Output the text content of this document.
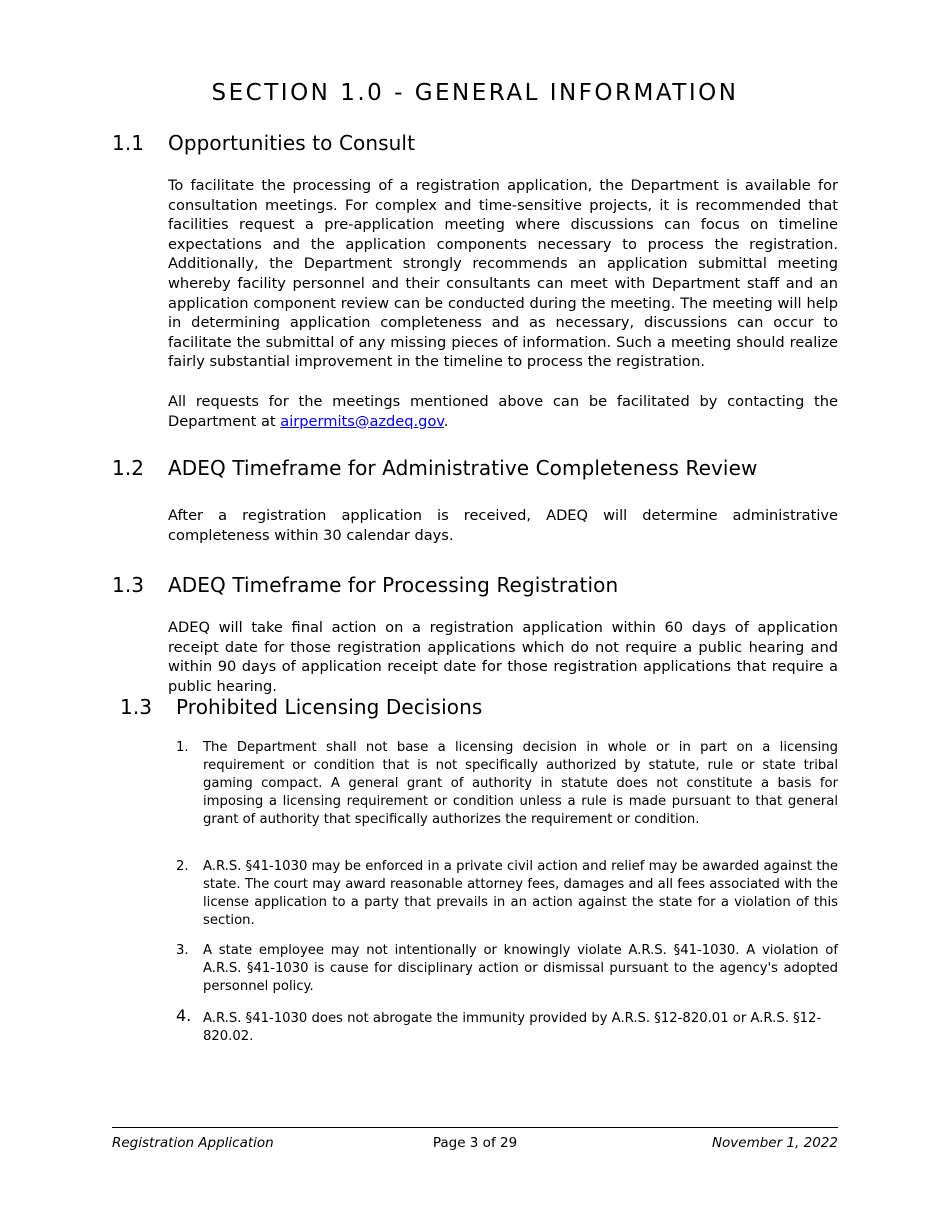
SECTION 1.0 - GENERAL INFORMATION
1.1 Opportunities to Consult

To facilitate the processing of a registration application, the Department is available for consultation meetings. For complex and time-sensitive projects, it is recommended that facilities request a pre-application meeting where discussions can focus on timeline expectations and the application components necessary to process the registration. Additionally, the Department strongly recommends an application submittal meeting whereby facility personnel and their consultants can meet with Department staff and an application component review can be conducted during the meeting. The meeting will help in determining application completeness and as necessary, discussions can occur to facilitate the submittal of any missing pieces of information. Such a meeting should realize fairly substantial improvement in the timeline to process the registration.

All requests for the meetings mentioned above can be facilitated by contacting the Department at airpermits@azdeq.gov.

1.2 ADEQ Timeframe for Administrative Completeness Review

After a registration application is received, ADEQ will determine administrative completeness within 30 calendar days.

1.3 ADEQ Timeframe for Processing Registration

ADEQ will take final action on a registration application within 60 days of application receipt date for those registration applications which do not require a public hearing and within 90 days of application receipt date for those registration applications that require a public hearing.

1.3 Prohibited Licensing Decisions
1. The Department shall not base a licensing decision in whole or in part on a licensing requirement or condition that is not specifically authorized by statute, rule or state tribal gaming compact. A general grant of authority in statute does not constitute a basis for imposing a licensing requirement or condition unless a rule is made pursuant to that general grant of authority that specifically authorizes the requirement or condition.
2. A.R.S. §41-1030 may be enforced in a private civil action and relief may be awarded against the state. The court may award reasonable attorney fees, damages and all fees associated with the license application to a party that prevails in an action against the state for a violation of this section.
3. A state employee may not intentionally or knowingly violate A.R.S. §41-1030. A violation of A.R.S. §41-1030 is cause for disciplinary action or dismissal pursuant to the agency's adopted personnel policy.
4. A.R.S. §41-1030 does not abrogate the immunity provided by A.R.S. §12-820.01 or A.R.S. §12-820.02.
Registration Application	Page 3 of 29	November 1, 2022
